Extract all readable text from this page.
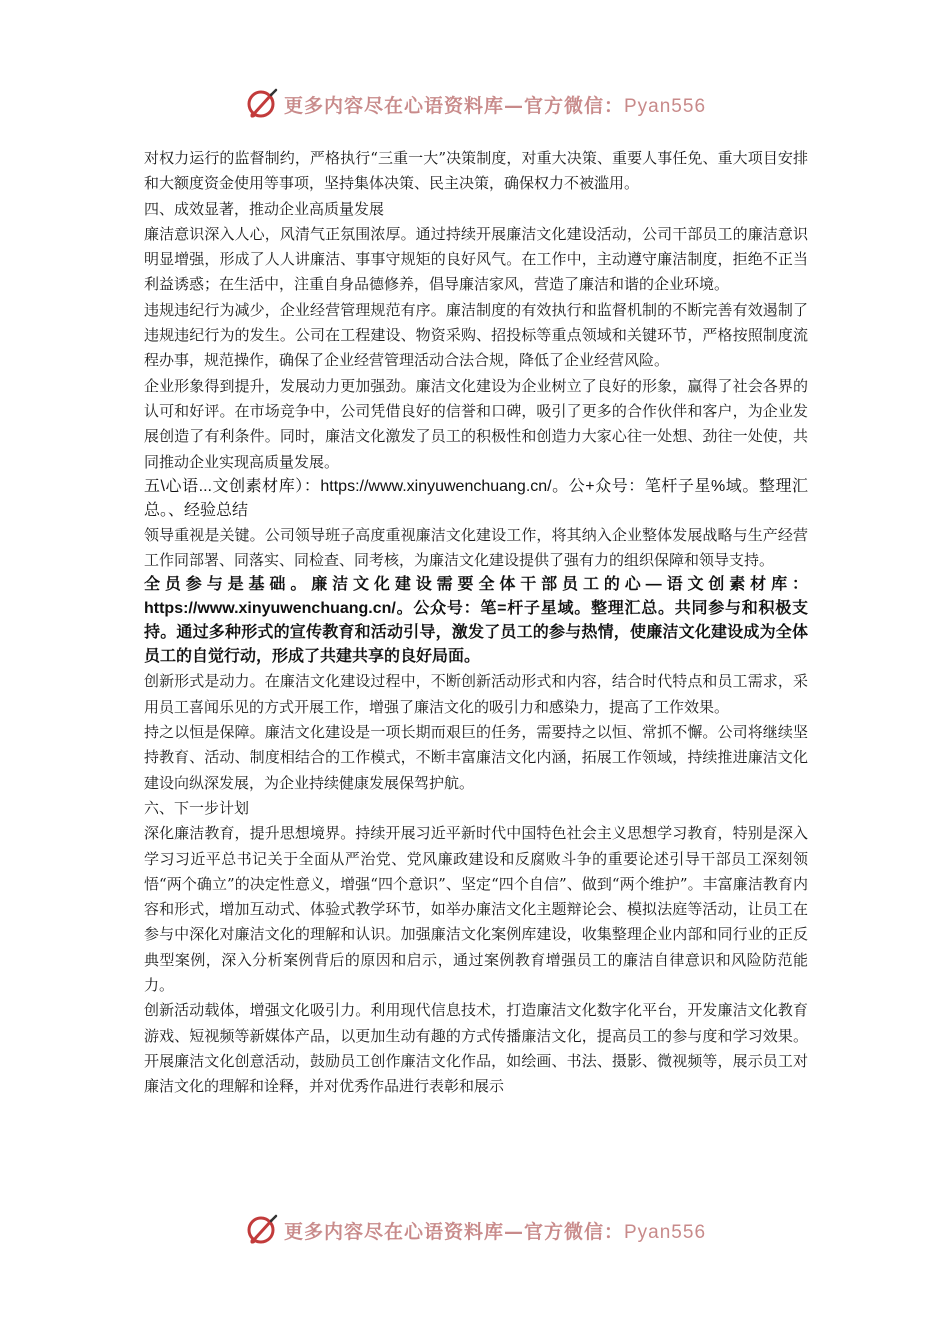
更多内容尽在心语资料库—官方微信：Pyan556

对权力运行的监督制约，严格执行“三重一大”决策制度，对重大决策、重要人事任免、重大项目安排和大额度资金使用等事项，坚持集体决策、民主决策，确保权力不被滥用。

四、成效显著，推动企业高质量发展

廉洁意识深入人心，风清气正氛围浓厚。通过持续开展廉洁文化建设活动，公司干部员工的廉洁意识明显增强，形成了人人讲廉洁、事事守规矩的良好风气。在工作中，主动遵守廉洁制度，拒绝不正当利益诱惑；在生活中，注重自身品德修养，倡导廉洁家风，营造了廉洁和谐的企业环境。

违规违纪行为减少，企业经营管理规范有序。廉洁制度的有效执行和监督机制的不断完善有效遏制了违规违纪行为的发生。公司在工程建设、物资采购、招投标等重点领域和关键环节，严格按照制度流程办事，规范操作，确保了企业经营管理活动合法合规，降低了企业经营风险。

企业形象得到提升，发展动力更加强劲。廉洁文化建设为企业树立了良好的形象，赢得了社会各界的认可和好评。在市场竞争中，公司凭借良好的信誉和口碑，吸引了更多的合作伙伴和客户，为企业发展创造了有利条件。同时，廉洁文化激发了员工的积极性和创造力大家心往一处想、劲往一处使，共同推动企业实现高质量发展。

五\心语...文创素材库）：https://www.xinyuwenchuang.cn/。公+众号：笔杆子星%域。整理汇总。、经验总结

领导重视是关键。公司领导班子高度重视廉洁文化建设工作，将其纳入企业整体发展战略与生产经营工作同部署、同落实、同检查、同考核，为廉洁文化建设提供了强有力的组织保障和领导支持。

全员参与是基础。廉洁文化建设需要全体干部员工的心—语文创素材库：https://www.xinyuwenchuang.cn/。公众号：笔=杆子星域。整理汇总。共同参与和积极支持。通过多种形式的宣传教育和活动引导，激发了员工的参与热情，使廉洁文化建设成为全体员工的自觉行动，形成了共建共享的良好局面。

创新形式是动力。在廉洁文化建设过程中，不断创新活动形式和内容，结合时代特点和员工需求，采用员工喜闻乐见的方式开展工作，增强了廉洁文化的吸引力和感染力，提高了工作效果。

持之以恒是保障。廉洁文化建设是一项长期而艰巨的任务，需要持之以恒、常抓不懈。公司将继续坚持教育、活动、制度相结合的工作模式，不断丰富廉洁文化内涵，拓展工作领域，持续推进廉洁文化建设向纵深发展，为企业持续健康发展保驾护航。

六、下一步计划

深化廉洁教育，提升思想境界。持续开展习近平新时代中国特色社会主义思想学习教育，特别是深入学习习近平总书记关于全面从严治党、党风廉政建设和反腐败斗争的重要论述引导干部员工深刻领悟“两个确立”的决定性意义，增强“四个意识”、坚定“四个自信”、做到“两个维护”。丰富廉洁教育内容和形式，增加互动式、体验式教学环节，如举办廉洁文化主题辩论会、模拟法庭等活动，让员工在参与中深化对廉洁文化的理解和认识。加强廉洁文化案例库建设，收集整理企业内部和同行业的正反典型案例，深入分析案例背后的原因和启示，通过案例教育增强员工的廉洁自律意识和风险防范能力。

创新活动载体，增强文化吸引力。利用现代信息技术，打造廉洁文化数字化平台，开发廉洁文化教育游戏、短视频等新媒体产品，以更加生动有趣的方式传播廉洁文化，提高员工的参与度和学习效果。开展廉洁文化创意活动，鼓励员工创作廉洁文化作品，如绘画、书法、摄影、微视频等，展示员工对廉洁文化的理解和诠释，并对优秀作品进行表彰和展示

更多内容尽在心语资料库—官方微信：Pyan556
